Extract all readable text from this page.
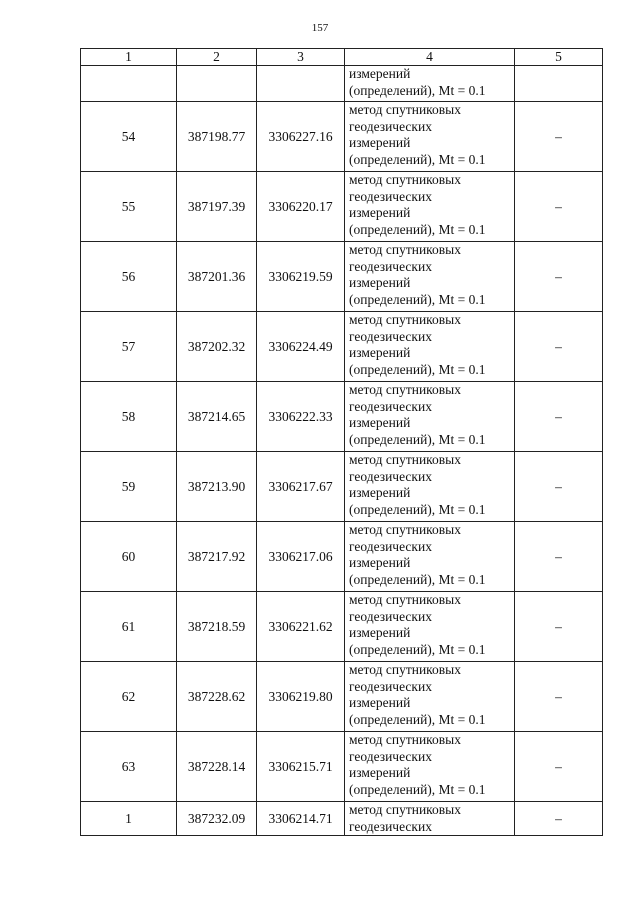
157
1	2	3	4	5

			измерений
(определений), Mt = 0.1	

54	387198.77	3306227.16	метод спутниковых
геодезических
измерений
(определений), Mt = 0.1	–
55	387197.39	3306220.17	метод спутниковых
геодезических
измерений
(определений), Mt = 0.1	–
56	387201.36	3306219.59	метод спутниковых
геодезических
измерений
(определений), Mt = 0.1	–
57	387202.32	3306224.49	метод спутниковых
геодезических
измерений
(определений), Mt = 0.1	–
58	387214.65	3306222.33	метод спутниковых
геодезических
измерений
(определений), Mt = 0.1	–
59	387213.90	3306217.67	метод спутниковых
геодезических
измерений
(определений), Mt = 0.1	–
60	387217.92	3306217.06	метод спутниковых
геодезических
измерений
(определений), Mt = 0.1	–
61	387218.59	3306221.62	метод спутниковых
геодезических
измерений
(определений), Mt = 0.1	–
62	387228.62	3306219.80	метод спутниковых
геодезических
измерений
(определений), Mt = 0.1	–
63	387228.14	3306215.71	метод спутниковых
геодезических
измерений
(определений), Mt = 0.1	–
1	387232.09	3306214.71	метод спутниковых
геодезических	–
